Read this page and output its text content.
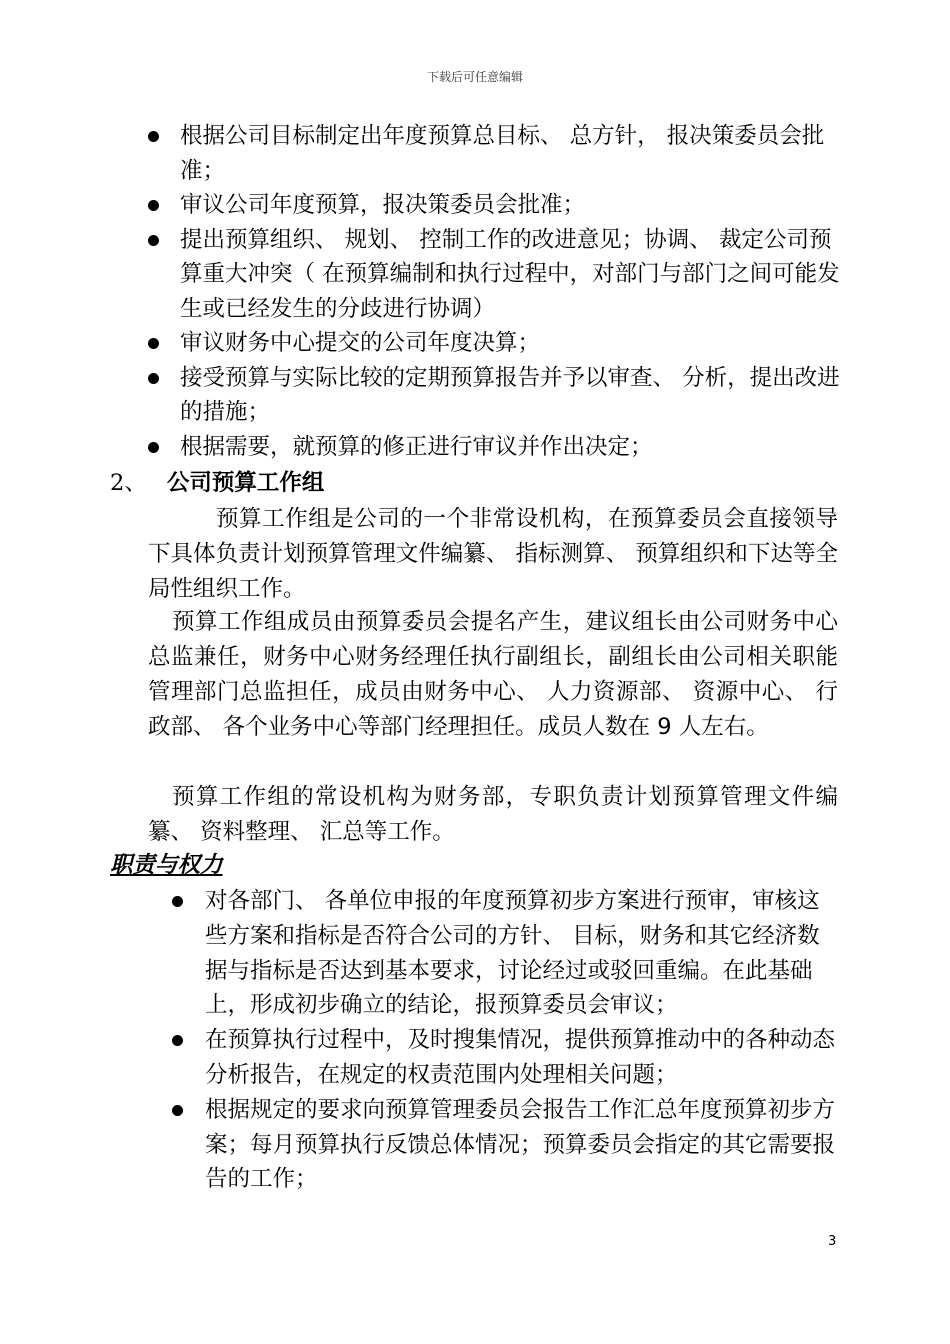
下载后可任意编辑

根据公司目标制定出年度预算总目标、 总方针， 报决策委员会批准；

审议公司年度预算，报决策委员会批准；

提出预算组织、 规划、 控制工作的改进意见；协调、 裁定公司预算重大冲突（ 在预算编制和执行过程中，对部门与部门之间可能发生或已经发生的分歧进行协调）

审议财务中心提交的公司年度决算；

接受预算与实际比较的定期预算报告并予以审查、 分析，提出改进的措施；

根据需要，就预算的修正进行审议并作出决定；

2、 公司预算工作组

预算工作组是公司的一个非常设机构，在预算委员会直接领导下具体负责计划预算管理文件编纂、 指标测算、 预算组织和下达等全局性组织工作。

预算工作组成员由预算委员会提名产生，建议组长由公司财务中心总监兼任，财务中心财务经理任执行副组长，副组长由公司相关职能管理部门总监担任，成员由财务中心、 人力资源部、 资源中心、 行政部、 各个业务中心等部门经理担任。成员人数在 9 人左右。

预算工作组的常设机构为财务部，专职负责计划预算管理文件编纂、 资料整理、 汇总等工作。

职责与权力

对各部门、 各单位申报的年度预算初步方案进行预审，审核这些方案和指标是否符合公司的方针、 目标，财务和其它经济数据与指标是否达到基本要求，讨论经过或驳回重编。在此基础上，形成初步确立的结论，报预算委员会审议；

在预算执行过程中，及时搜集情况，提供预算推动中的各种动态分析报告，在规定的权责范围内处理相关问题；

根据规定的要求向预算管理委员会报告工作汇总年度预算初步方案；每月预算执行反馈总体情况；预算委员会指定的其它需要报告的工作；

3
